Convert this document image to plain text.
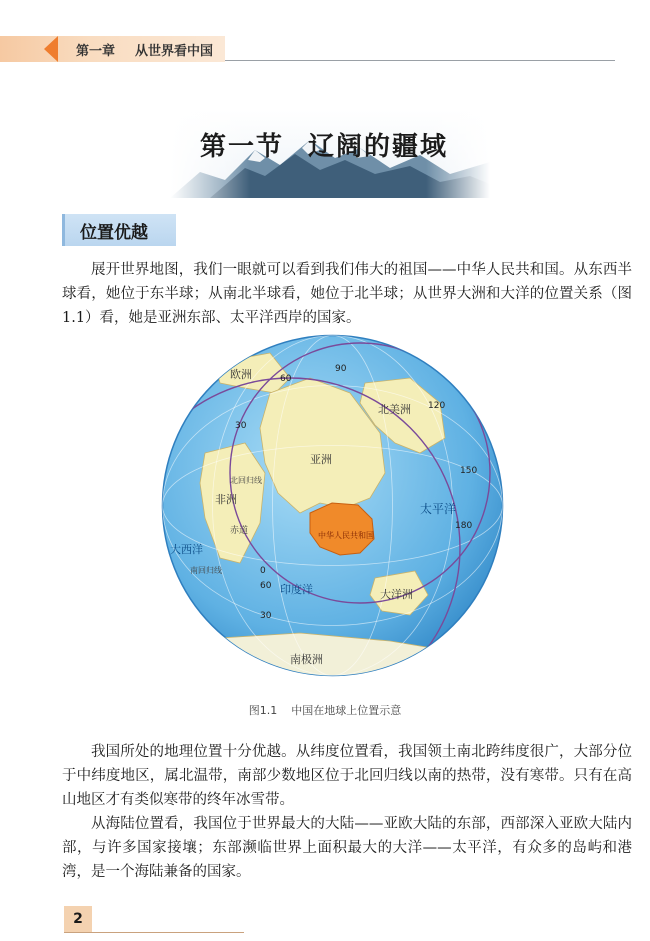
第一章 从世界看中国
第一节 辽阔的疆域
位置优越

展开世界地图，我们一眼就可以看到我们伟大的祖国——中华人民共和国。从东西半球看，她位于东半球；从南北半球看，她位于北半球；从世界大洲和大洋的位置关系（图 1.1）看，她是亚洲东部、太平洋西岸的国家。

北美洲
亚洲
太平洋
印度洋
大西洋
非洲
欧洲
大洋洲
南极洲
中华人民共和国
赤道
北回归线
南回归线
90
120
150
180
60
30
0
30
60
图1.1 中国在地球上位置示意

我国所处的地理位置十分优越。从纬度位置看，我国领土南北跨纬度很广，大部分位于中纬度地区，属北温带，南部少数地区位于北回归线以南的热带，没有寒带。只有在高山地区才有类似寒带的终年冰雪带。

从海陆位置看，我国位于世界最大的大陆——亚欧大陆的东部，西部深入亚欧大陆内部，与许多国家接壤；东部濒临世界上面积最大的大洋——太平洋，有众多的岛屿和港湾，是一个海陆兼备的国家。

2
